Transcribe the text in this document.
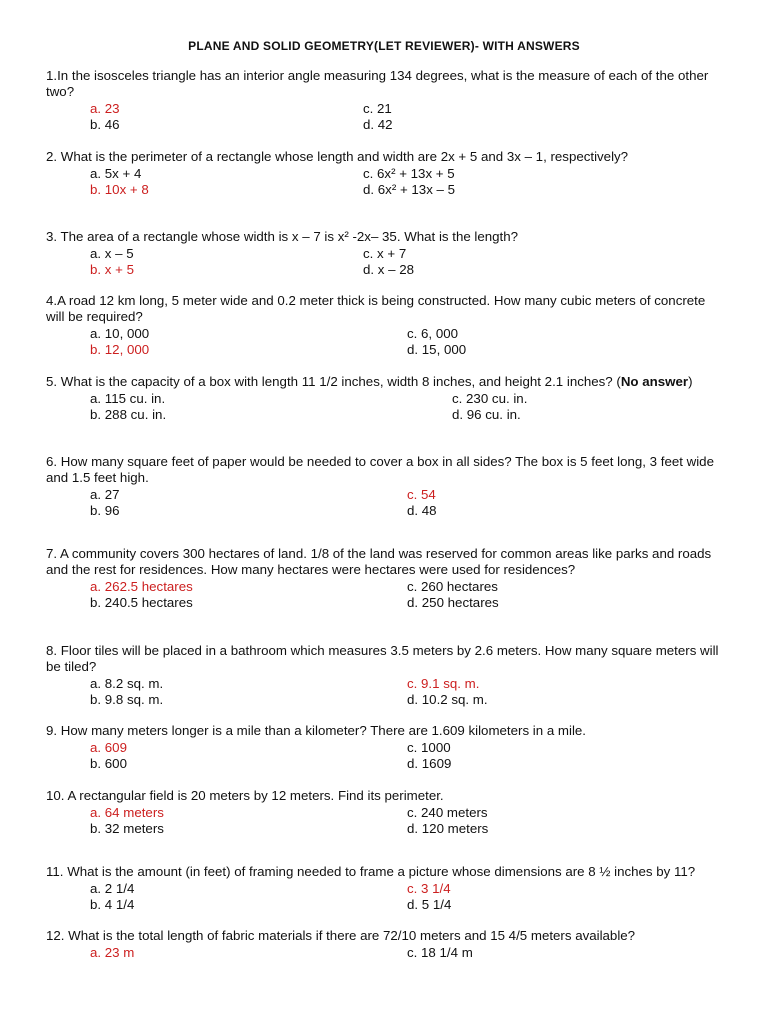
PLANE AND SOLID GEOMETRY(LET REVIEWER)- WITH ANSWERS

1.In the isosceles triangle has an interior angle measuring 134 degrees, what is the measure of each of the other two?

a. 23	c. 21
b. 46	d. 42

2. What is the perimeter of a rectangle whose length and width are 2x + 5 and 3x – 1, respectively?

a. 5x + 4	c. 6x² + 13x + 5
b. 10x + 8	d. 6x² + 13x – 5

3. The area of a rectangle whose width is x – 7 is x² -2x– 35. What is the length?

a. x – 5	c. x + 7
b. x + 5	d. x – 28

4.A road 12 km long, 5 meter wide and 0.2 meter thick is being constructed. How many cubic meters of concrete will be required?

a. 10, 000	c. 6, 000
b. 12, 000	d. 15, 000

5. What is the capacity of a box with length 11 1/2 inches, width 8 inches, and height 2.1 inches? (No answer)

a. 115 cu. in.	c. 230 cu. in.
b. 288 cu. in.	d. 96 cu. in.

6. How many square feet of paper would be needed to cover a box in all sides? The box is 5 feet long, 3 feet wide and 1.5 feet high.

a. 27	c. 54
b. 96	d. 48

7. A community covers 300 hectares of land. 1/8 of the land was reserved for common areas like parks and roads and the rest for residences. How many hectares were hectares were used for residences?

a. 262.5 hectares	c. 260 hectares
b. 240.5 hectares	d. 250 hectares

8. Floor tiles will be placed in a bathroom which measures 3.5 meters by 2.6 meters. How many square meters will be tiled?

a. 8.2 sq. m.	c. 9.1 sq. m.
b. 9.8 sq. m.	d. 10.2 sq. m.

9. How many meters longer is a mile than a kilometer? There are 1.609 kilometers in a mile.

a. 609	c. 1000
b. 600	d. 1609

10. A rectangular field is 20 meters by 12 meters. Find its perimeter.

a. 64 meters	c. 240 meters
b. 32 meters	d. 120 meters

11. What is the amount (in feet) of framing needed to frame a picture whose dimensions are 8 ½ inches by 11?

a. 2 1/4	c. 3 1/4
b. 4 1/4	d. 5 1/4

12. What is the total length of fabric materials if there are 72/10 meters and 15 4/5 meters available?

a. 23 m	c. 18 1/4 m
